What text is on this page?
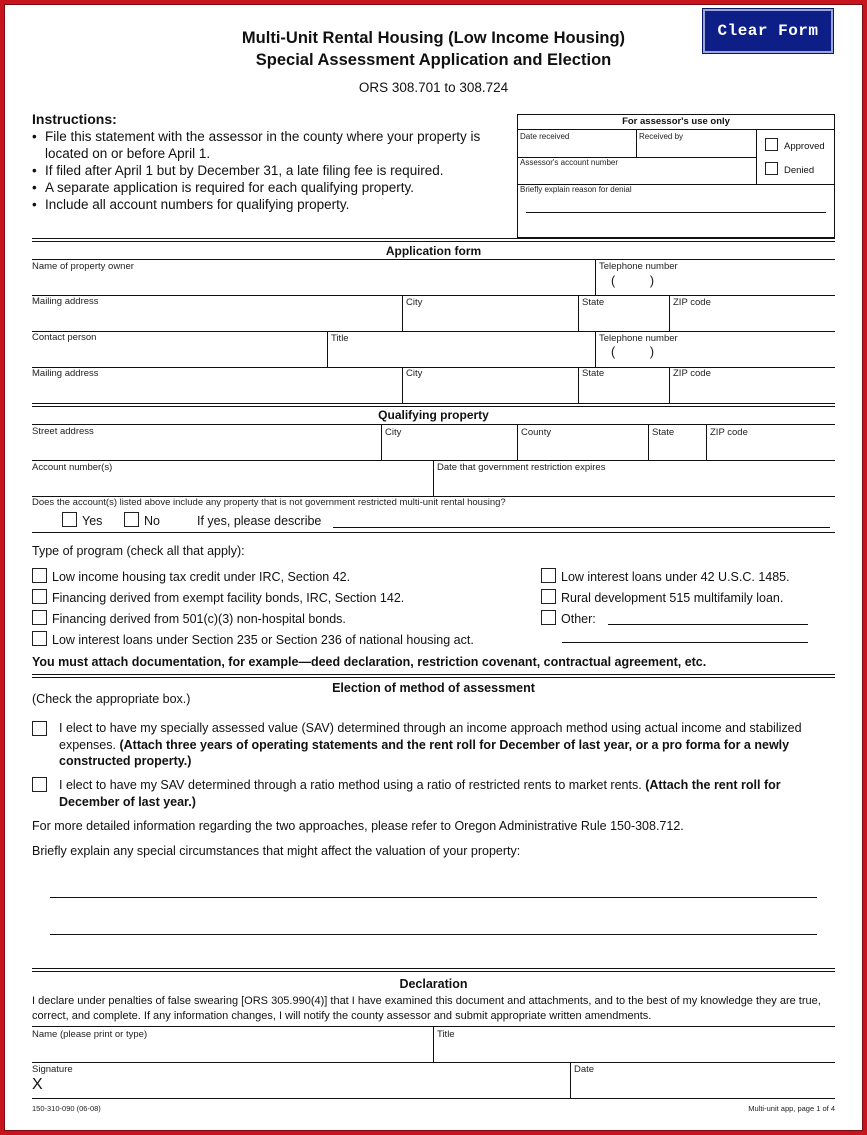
Multi-Unit Rental Housing (Low Income Housing)
Special Assessment Application and Election
ORS 308.701 to 308.724
Clear Form
Instructions:
• File this statement with the assessor in the county where your property is located on or before April 1.
• If filed after April 1 but by December 31, a late filing fee is required.
• A separate application is required for each qualifying property.
• Include all account numbers for qualifying property.
For assessor's use only
Date received	Received by
Assessor's account number
Approved
Denied
Briefly explain reason for denial
Application form
Name of property owner	Telephone number
(          )
Mailing address	City	State	ZIP code
Contact person	Title	Telephone number
(          )
Mailing address	City	State	ZIP code
Qualifying property
Street address	City	County	State	ZIP code
Account number(s)	Date that government restriction expires
Does the account(s) listed above include any property that is not government restricted multi-unit rental housing?
Yes	No	If yes, please describe
Type of program (check all that apply):
Low income housing tax credit under IRC, Section 42.
Financing derived from exempt facility bonds, IRC, Section 142.
Financing derived from 501(c)(3) non-hospital bonds.
Low interest loans under Section 235 or Section 236 of national housing act.
Low interest loans under 42 U.S.C. 1485.
Rural development 515 multifamily loan.
Other:
You must attach documentation, for example—deed declaration, restriction covenant, contractual agreement, etc.
Election of method of assessment
(Check the appropriate box.)
I elect to have my specially assessed value (SAV) determined through an income approach method using actual income and stabilized expenses. (Attach three years of operating statements and the rent roll for December of last year, or a pro forma for a newly constructed property.)
I elect to have my SAV determined through a ratio method using a ratio of restricted rents to market rents. (Attach the rent roll for December of last year.)
For more detailed information regarding the two approaches, please refer to Oregon Administrative Rule 150-308.712.
Briefly explain any special circumstances that might affect the valuation of your property:
Declaration
I declare under penalties of false swearing [ORS 305.990(4)] that I have examined this document and attachments, and to the best of my knowledge they are true, correct, and complete. If any information changes, I will notify the county assessor and submit appropriate written amendments.
Name (please print or type)	Title
Signature
X
Date
150-310-090 (06-08)	Multi-unit app, page 1 of 4
